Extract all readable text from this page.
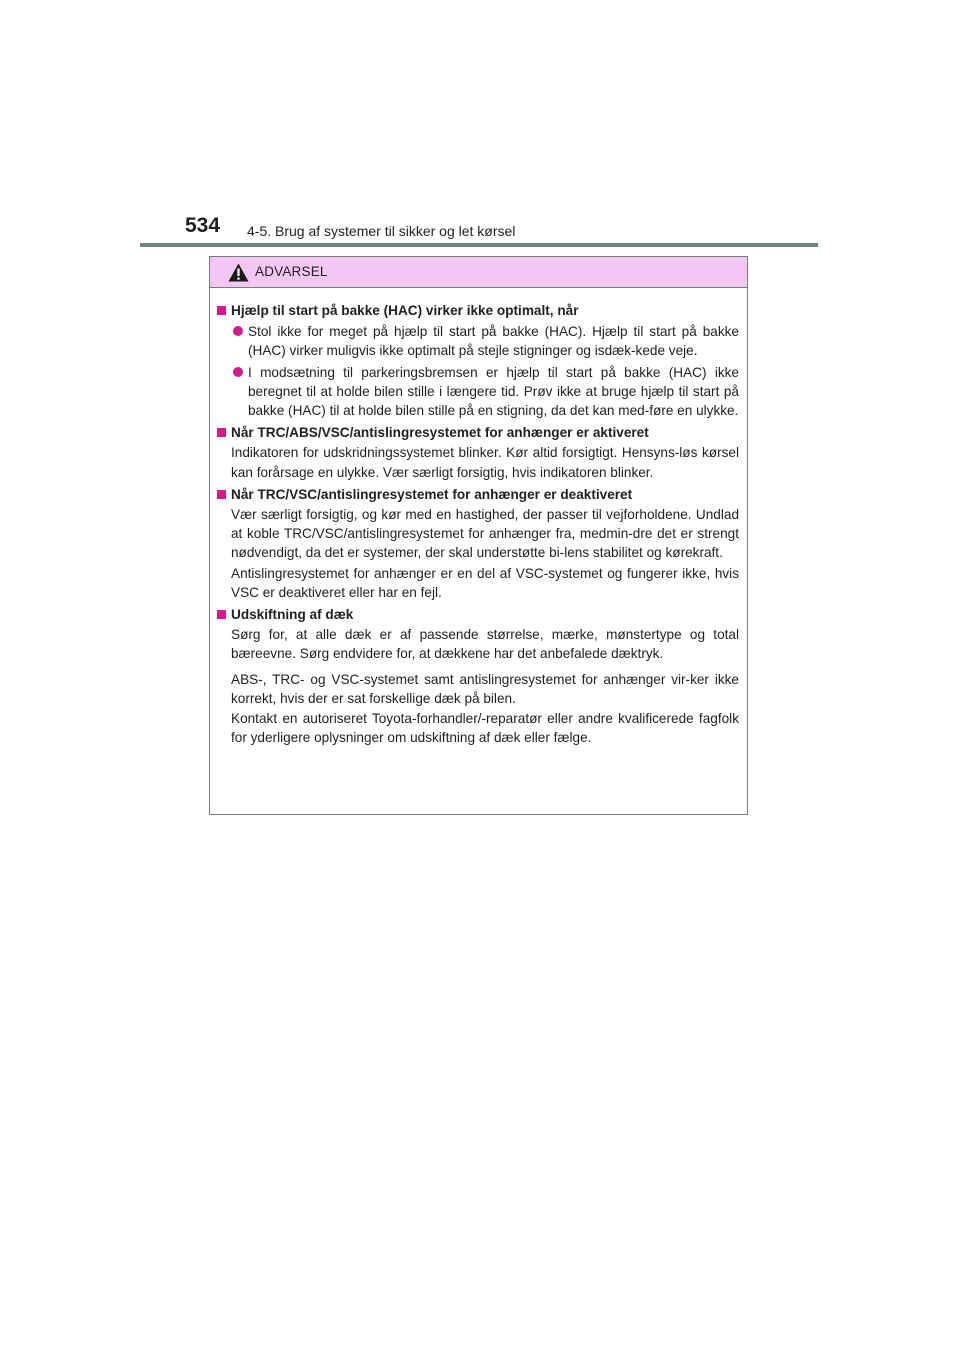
534 4-5. Brug af systemer til sikker og let kørsel
ADVARSEL
Hjælp til start på bakke (HAC) virker ikke optimalt, når
Stol ikke for meget på hjælp til start på bakke (HAC). Hjælp til start på bakke (HAC) virker muligvis ikke optimalt på stejle stigninger og isdæk-kede veje.
I modsætning til parkeringsbremsen er hjælp til start på bakke (HAC) ikke beregnet til at holde bilen stille i længere tid. Prøv ikke at bruge hjælp til start på bakke (HAC) til at holde bilen stille på en stigning, da det kan med-føre en ulykke.
Når TRC/ABS/VSC/antislingresystemet for anhænger er aktiveret
Indikatoren for udskridningssystemet blinker. Kør altid forsigtigt. Hensyns-løs kørsel kan forårsage en ulykke. Vær særligt forsigtig, hvis indikatoren blinker.
Når TRC/VSC/antislingresystemet for anhænger er deaktiveret
Vær særligt forsigtig, og kør med en hastighed, der passer til vejforholdene. Undlad at koble TRC/VSC/antislingresystemet for anhænger fra, medmin-dre det er strengt nødvendigt, da det er systemer, der skal understøtte bi-lens stabilitet og kørekraft.
Antislingresystemet for anhænger er en del af VSC-systemet og fungerer ikke, hvis VSC er deaktiveret eller har en fejl.
Udskiftning af dæk
Sørg for, at alle dæk er af passende størrelse, mærke, mønstertype og total bæreevne. Sørg endvidere for, at dækkene har det anbefalede dæktryk.
ABS-, TRC- og VSC-systemet samt antislingresystemet for anhænger vir-ker ikke korrekt, hvis der er sat forskellige dæk på bilen.
Kontakt en autoriseret Toyota-forhandler/-reparatør eller andre kvalificerede fagfolk for yderligere oplysninger om udskiftning af dæk eller fælge.
